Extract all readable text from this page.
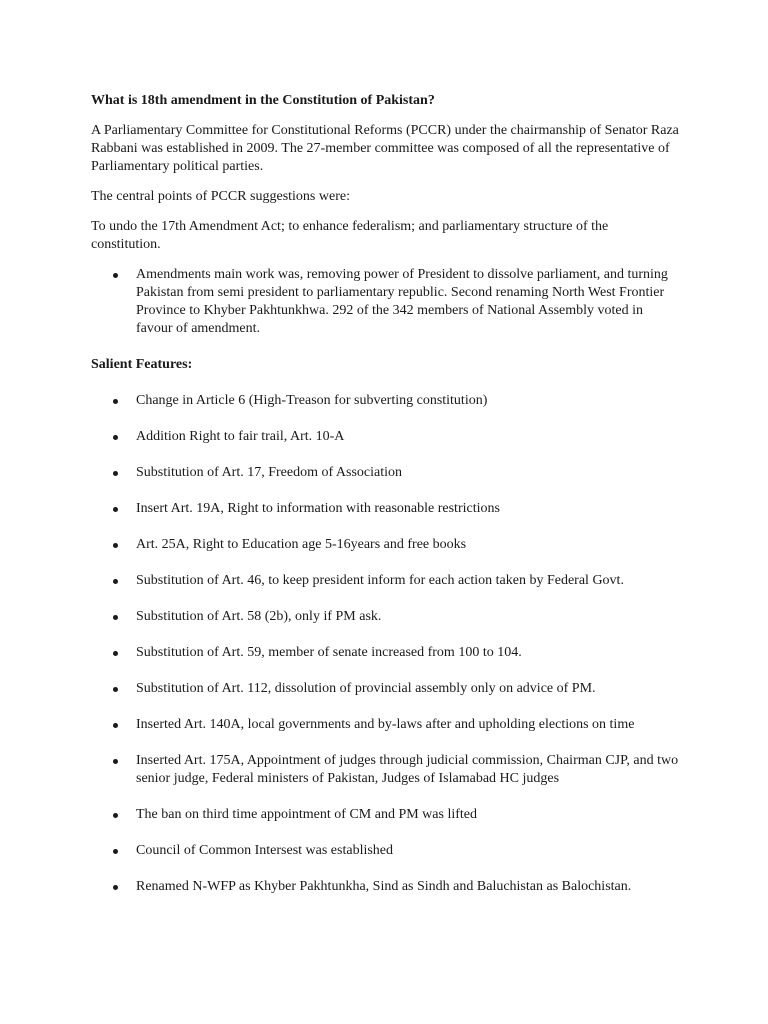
What is 18th amendment in the Constitution of Pakistan?

A Parliamentary Committee for Constitutional Reforms (PCCR) under the chairmanship of Senator Raza Rabbani was established in 2009. The 27-member committee was composed of all the representative of Parliamentary political parties.

The central points of PCCR suggestions were:

To undo the 17th Amendment Act; to enhance federalism; and parliamentary structure of the constitution.

Amendments main work was, removing power of President to dissolve parliament, and turning Pakistan from semi president to parliamentary republic. Second renaming North West Frontier Province to Khyber Pakhtunkhwa. 292 of the 342 members of National Assembly voted in favour of amendment.

Salient Features:

Change in Article 6 (High-Treason for subverting constitution)
Addition Right to fair trail, Art. 10-A
Substitution of Art. 17, Freedom of Association
Insert Art. 19A, Right to information with reasonable restrictions
Art. 25A, Right to Education age 5-16years and free books
Substitution of Art. 46, to keep president inform for each action taken by Federal Govt.
Substitution of Art. 58 (2b), only if PM ask.
Substitution of Art. 59, member of senate increased from 100 to 104.
Substitution of Art. 112, dissolution of provincial assembly only on advice of PM.
Inserted Art. 140A, local governments and by-laws after and upholding elections on time
Inserted Art. 175A, Appointment of judges through judicial commission, Chairman CJP, and two senior judge, Federal ministers of Pakistan, Judges of Islamabad HC judges
The ban on third time appointment of CM and PM was lifted
Council of Common Intersest was established
Renamed N-WFP as Khyber Pakhtunkha, Sind as Sindh and Baluchistan as Balochistan.
